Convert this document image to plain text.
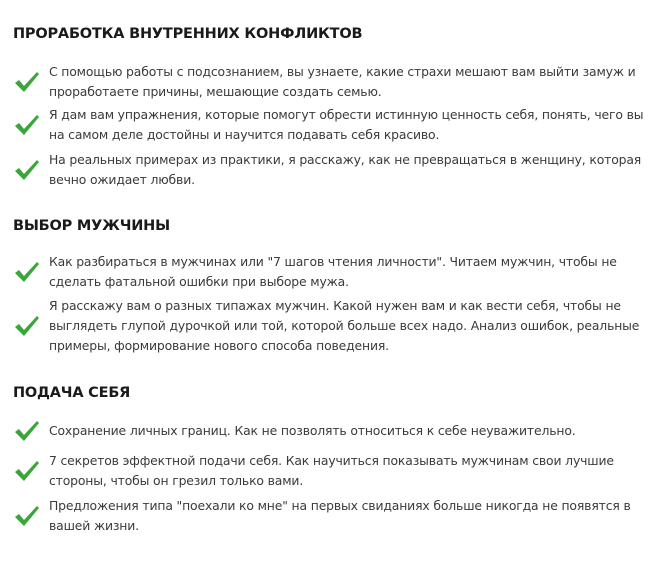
ПРОРАБОТКА ВНУТРЕННИХ КОНФЛИКТОВ
С помощью работы с подсознанием, вы узнаете, какие страхи мешают вам выйти замуж и проработаете причины, мешающие создать семью.
Я дам вам упражнения, которые помогут обрести истинную ценность себя, понять, чего вы на самом деле достойны и научится подавать себя красиво.
На реальных примерах из практики, я расскажу, как не превращаться в женщину, которая вечно ожидает любви.
ВЫБОР МУЖЧИНЫ
Как разбираться в мужчинах или "7 шагов чтения личности". Читаем мужчин, чтобы не сделать фатальной ошибки при выборе мужа.
Я расскажу вам о разных типажах мужчин. Какой нужен вам и как вести себя, чтобы не выглядеть глупой дурочкой или той, которой больше всех надо. Анализ ошибок, реальные примеры, формирование нового способа поведения.
ПОДАЧА СЕБЯ
Сохранение личных границ. Как не позволять относиться к себе неуважительно.
7 секретов эффектной подачи себя. Как научиться показывать мужчинам свои лучшие стороны, чтобы он грезил только вами.
Предложения типа "поехали ко мне" на первых свиданиях больше никогда не появятся в вашей жизни.
